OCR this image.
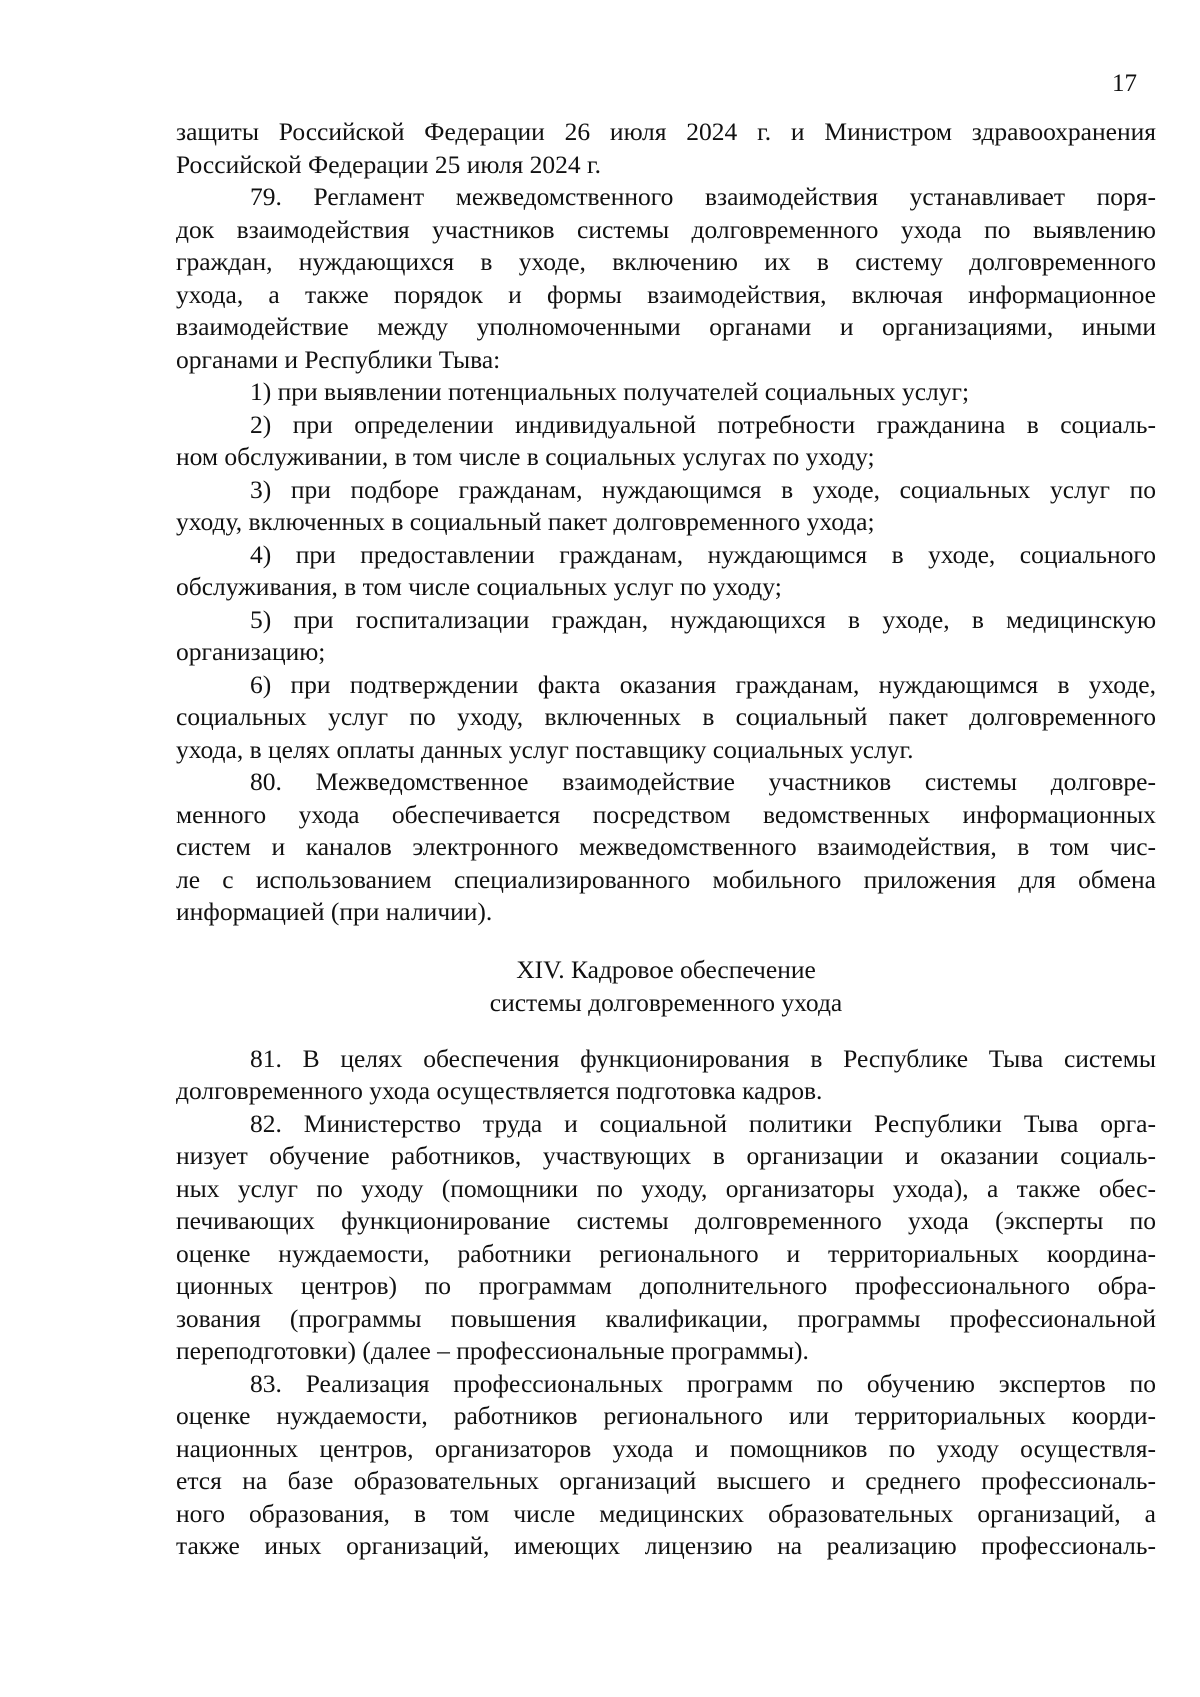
17
защиты Российской Федерации 26 июля 2024 г. и Министром здравоохранения
Российской Федерации 25 июля 2024 г.
79. Регламент межведомственного взаимодействия устанавливает поря-
док взаимодействия участников системы долговременного ухода по выявлению
граждан, нуждающихся в уходе, включению их в систему долговременного
ухода, а также порядок и формы взаимодействия, включая информационное
взаимодействие между уполномоченными органами и организациями, иными
органами и Республики Тыва:
1) при выявлении потенциальных получателей социальных услуг;
2) при определении индивидуальной потребности гражданина в социаль-
ном обслуживании, в том числе в социальных услугах по уходу;
3) при подборе гражданам, нуждающимся в уходе, социальных услуг по
уходу, включенных в социальный пакет долговременного ухода;
4) при предоставлении гражданам, нуждающимся в уходе, социального
обслуживания, в том числе социальных услуг по уходу;
5) при госпитализации граждан, нуждающихся в уходе, в медицинскую
организацию;
6) при подтверждении факта оказания гражданам, нуждающимся в уходе,
социальных услуг по уходу, включенных в социальный пакет долговременного
ухода, в целях оплаты данных услуг поставщику социальных услуг.
80. Межведомственное взаимодействие участников системы долговре-
менного ухода обеспечивается посредством ведомственных информационных
систем и каналов электронного межведомственного взаимодействия, в том чис-
ле с использованием специализированного мобильного приложения для обмена
информацией (при наличии).
XIV. Кадровое обеспечение
системы долговременного ухода
81. В целях обеспечения функционирования в Республике Тыва системы
долговременного ухода осуществляется подготовка кадров.
82. Министерство труда и социальной политики Республики Тыва орга-
низует обучение работников, участвующих в организации и оказании социаль-
ных услуг по уходу (помощники по уходу, организаторы ухода), а также обес-
печивающих функционирование системы долговременного ухода (эксперты по
оценке нуждаемости, работники регионального и территориальных координа-
ционных центров) по программам дополнительного профессионального обра-
зования (программы повышения квалификации, программы профессиональной
переподготовки) (далее – профессиональные программы).
83. Реализация профессиональных программ по обучению экспертов по
оценке нуждаемости, работников регионального или территориальных коорди-
национных центров, организаторов ухода и помощников по уходу осуществля-
ется на базе образовательных организаций высшего и среднего профессиональ-
ного образования, в том числе медицинских образовательных организаций, а
также иных организаций, имеющих лицензию на реализацию профессиональ-
